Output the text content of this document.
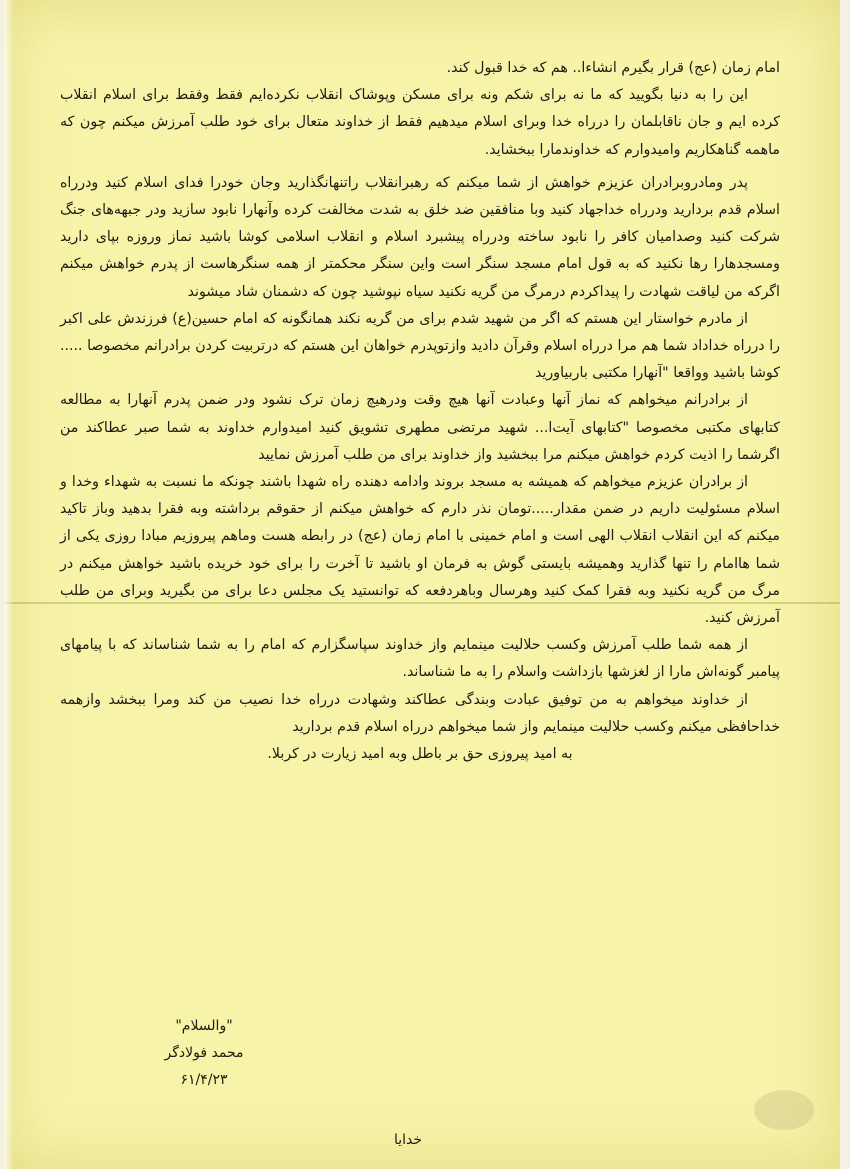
امام زمان (عج) قرار بگیرم انشاءا.. هم که خدا قبول کند.

این را به دنیا بگویید که ما نه برای شکم ونه برای مسکن وپوشاک انقلاب نکرده‌ایم فقط وفقط برای اسلام انقلاب کرده ایم و جان ناقابلمان را درراه خدا وبرای اسلام میدهیم فقط از خداوند متعال برای خود طلب آمرزش میکنم چون که ماهمه گناهکاریم وامیدوارم که خداوندمارا ببخشاید.

پدر ومادروبرادران عزیزم خواهش از شما میکنم که رهبرانقلاب راتنهانگذارید وجان خودرا فدای اسلام کنید ودرراه اسلام قدم بردارید ودرراه خداجهاد کنید وبا منافقین ضد خلق به شدت مخالفت کرده وآنهارا نابود سازید ودر جبهه‌های جنگ شرکت کنید وصدامیان کافر را نابود ساخته ودرراه پیشبرد اسلام و انقلاب اسلامی کوشا باشید نماز وروزه‌ بپای دارید ومسجدهارا رها نکنید که به قول امام مسجد سنگر است واین سنگر محکمتر از همه سنگرهاست از پدرم خواهش میکنم اگرکه من لیاقت شهادت را پیداکردم درمرگ من گریه نکنید سیاه نپوشید چون که دشمنان شاد میشوند

از مادرم خواستار این هستم که اگر من شهید شدم برای من گریه نکند همانگونه که امام حسین(ع) فرزندش علی اکبر را درراه خداداد شما هم مرا درراه اسلام وقرآن دادید وازتوپدرم خواهان این هستم که درتربیت کردن برادرانم مخصوصا ..... کوشا باشید وواقعا "آنهارا مکتبی باربیاورید

از برادرانم میخواهم که نماز آنها وعبادت آنها هیچ وقت ودرهیچ زمان ترک نشود ودر ضمن پدرم آنهارا به مطالعه کتابهای مکتبی مخصوصا "کتابهای آیت‌ا... شهید مرتضی مطهری تشویق کنید امیدوارم خداوند به شما صبر عطاکند من اگرشما را اذیت کردم خواهش میکنم مرا ببخشید واز خداوند برای من طلب آمرزش نمایید

از برادران عزیزم میخواهم که همیشه به مسجد بروند وادامه دهنده راه شهدا باشند چونکه ما نسبت به شهداء وخدا و اسلام مسئولیت داریم در ضمن مقدار.....تومان نذر دارم که خواهش میکنم از حقوقم برداشته وبه فقرا بدهید وباز تاکید میکنم که این انقلاب انقلاب الهی است و امام خمینی با امام زمان (عج) در رابطه هست وماهم پیروزیم مبادا روزی یکی از شما هاامام را تنها گذارید وهمیشه بایستی گوش به فرمان او باشید تا آخرت را برای خود خریده باشید خواهش میکنم در مرگ من گریه نکنید وبه فقرا کمک کنید وهرسال وباهردفعه که توانستید یک مجلس دعا برای من بگیرید وبرای من طلب آمرزش کنید.

از همه شما طلب آمرزش وکسب حلالیت مینمایم واز خداوند سپاسگزارم که امام را به شما شناساند که با پیامهای پیامبر گونه‌اش مارا از لغزشها بازداشت واسلام را به ما شناساند.

از خداوند میخواهم به من توفیق عبادت وبندگی عطاکند وشهادت درراه خدا نصیب من کند ومرا ببخشد وازهمه خداحافظی میکنم وکسب حلالیت مینمایم واز شما میخواهم درراه اسلام قدم بردارید

به امید پیروزی حق بر باطل وبه امید زیارت در کربلا.

"والسلام"
محمد فولادگر
۶۱/۴/۲۳
خدایا
